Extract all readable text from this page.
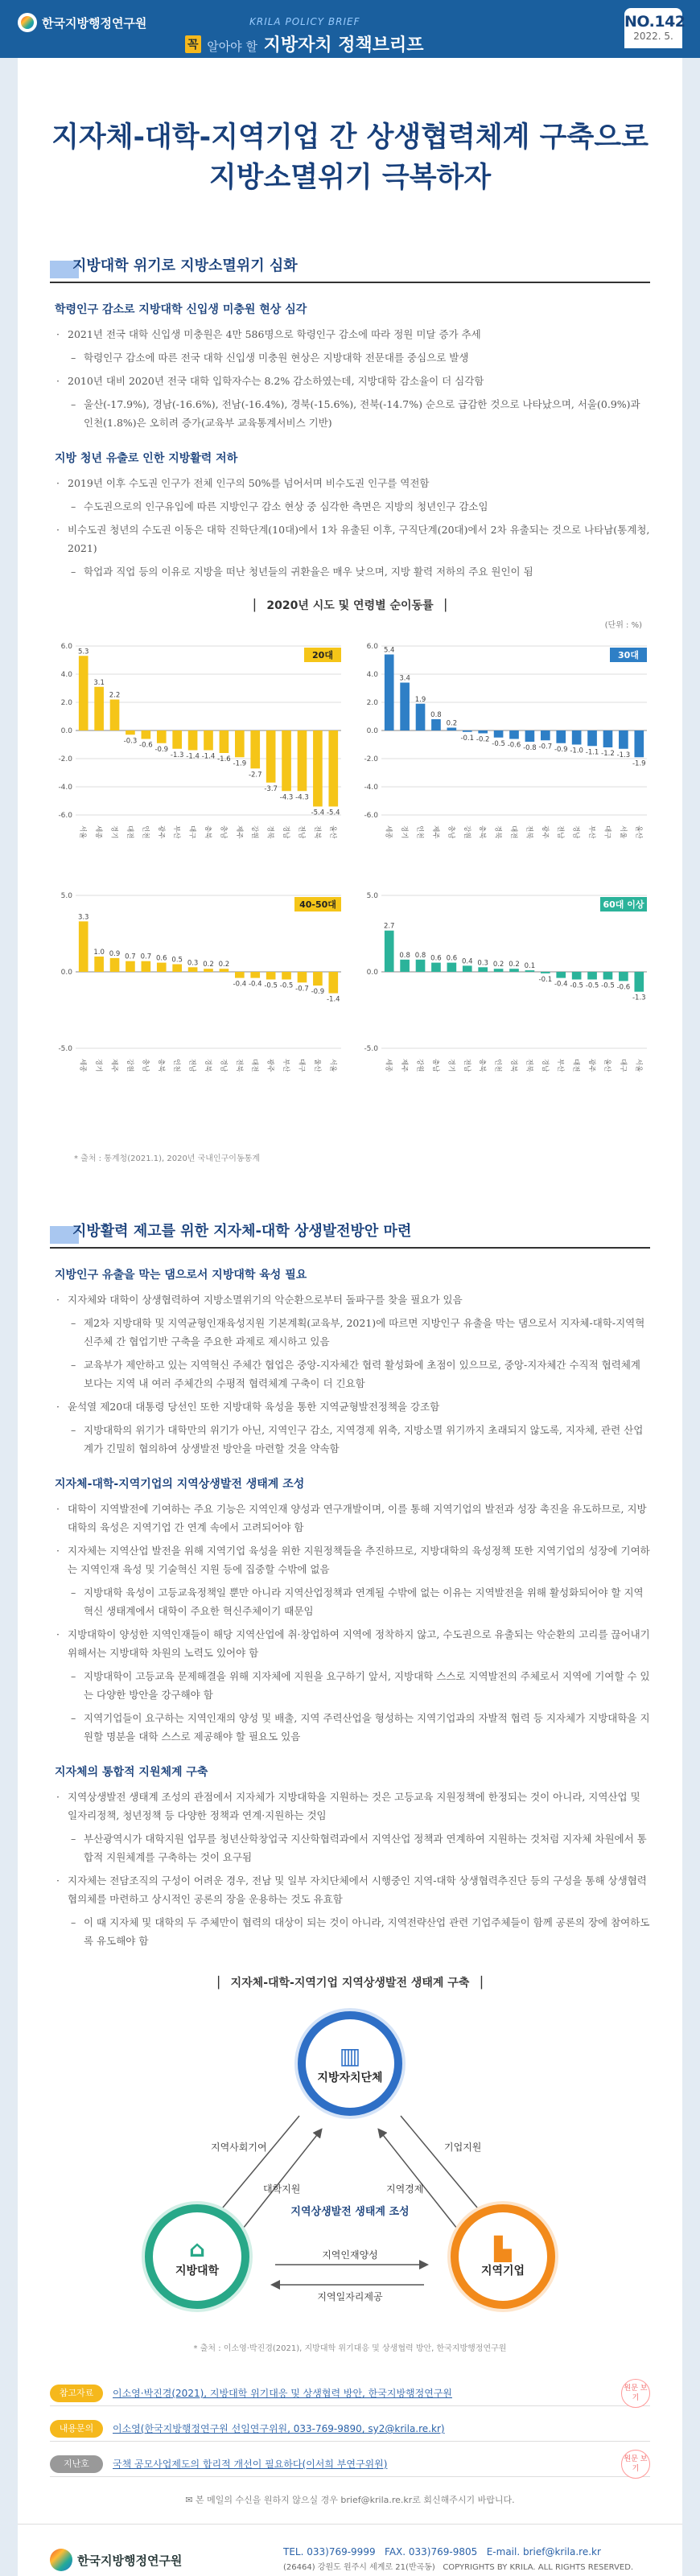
한국지방행정연구원	KRILA POLICY BRIEF
꼭 알아야 할 지방자치 정책브리프
NO.142
2022. 5.
지자체-대학-지역기업 간 상생협력체계 구축으로
지방소멸위기 극복하자
지방대학 위기로 지방소멸위기 심화
학령인구 감소로 지방대학 신입생 미충원 현상 심각
· 2021년 전국 대학 신입생 미충원은 4만 586명으로 학령인구 감소에 따라 정원 미달 증가 추세
– 학령인구 감소에 따른 전국 대학 신입생 미충원 현상은 지방대학 전문대를 중심으로 발생
· 2010년 대비 2020년 전국 대학 입학자수는 8.2% 감소하였는데, 지방대학 감소율이 더 심각함
– 울산(-17.9%), 경남(-16.6%), 전남(-16.4%), 경북(-15.6%), 전북(-14.7%) 순으로 급감한 것으로 나타났으며, 서울(0.9%)과 인천(1.8%)은 오히려 증가(교육부 교육통계서비스 기반)
지방 청년 유출로 인한 지방활력 저하
· 2019년 이후 수도권 인구가 전체 인구의 50%를 넘어서며 비수도권 인구를 역전함
– 수도권으로의 인구유입에 따른 지방인구 감소 현상 중 심각한 측면은 지방의 청년인구 감소임
· 비수도권 청년의 수도권 이동은 대학 진학단계(10대)에서 1차 유출된 이후, 구직단계(20대)에서 2차 유출되는 것으로 나타남(통계청, 2021)
– 학업과 직업 등의 이유로 지방을 떠난 청년들의 귀환율은 매우 낮으며, 지방 활력 저하의 주요 원인이 됨
▏ 2020년 시도 및 연령별 순이동률 ▕
(단위 : %)
6.0
4.0
2.0
0.0
-2.0
-4.0
-6.0
20대
5.3
서울
3.1
세종
2.2
경기
-0.3
대전
-0.6
인천
-0.9
광주
-1.3
부산
-1.4
대구
-1.4
충북
-1.6
충남
-1.9
제주
-2.7
강원
-3.7
경북
-4.3
경남
-4.3
전남
-5.4
전북
-5.4
울산
6.0
4.0
2.0
0.0
-2.0
-4.0
-6.0
30대
5.4
세종
3.4
경기
1.9
인천
0.8
제주
0.2
충남
-0.1
강원
-0.2
충북
-0.5
경북
-0.6
대전
-0.8
전북
-0.7
광주
-0.9
전남
-1.0
경남
-1.1
부산
-1.2
대구
-1.3
서울
-1.9
울산
5.0
0.0
-5.0
40-50대
3.3
세종
1.0
경기
0.9
제주
0.7
강원
0.7
충남
0.6
충북
0.5
인천
0.3
전남
0.2
경북
0.2
경남
-0.4
전북
-0.4
대전
-0.5
광주
-0.5
부산
-0.7
대구
-0.9
울산
-1.4
서울
5.0
0.0
-5.0
60대 이상
2.7
세종
0.8
제주
0.8
강원
0.6
충남
0.6
경기
0.4
전남
0.3
충북
0.2
인천
0.2
경북
0.1
전북
-0.1
경남
-0.4
부산
-0.5
대전
-0.5
광주
-0.5
울산
-0.6
대구
-1.3
서울
* 출처 : 통계청(2021.1), 2020년 국내인구이동통계
지방활력 제고를 위한 지자체-대학 상생발전방안 마련
지방인구 유출을 막는 댐으로서 지방대학 육성 필요
· 지자체와 대학이 상생협력하여 지방소멸위기의 악순환으로부터 돌파구를 찾을 필요가 있음
– 제2차 지방대학 및 지역균형인재육성지원 기본계획(교육부, 2021)에 따르면 지방인구 유출을 막는 댐으로서 지자체-대학-지역혁신주체 간 협업기반 구축을 주요한 과제로 제시하고 있음
– 교육부가 제안하고 있는 지역혁신 주체간 협업은 중앙-지자체간 협력 활성화에 초점이 있으므로, 중앙-지자체간 수직적 협력체계보다는 지역 내 여러 주체간의 수평적 협력체계 구축이 더 긴요함
· 윤석열 제20대 대통령 당선인 또한 지방대학 육성을 통한 지역균형발전정책을 강조함
– 지방대학의 위기가 대학만의 위기가 아닌, 지역인구 감소, 지역경제 위축, 지방소멸 위기까지 초래되지 않도록, 지자체, 관련 산업계가 긴밀히 협의하여 상생발전 방안을 마련할 것을 약속함
지자체-대학-지역기업의 지역상생발전 생태계 조성
· 대학이 지역발전에 기여하는 주요 기능은 지역인재 양성과 연구개발이며, 이를 통해 지역기업의 발전과 성장 촉진을 유도하므로, 지방대학의 육성은 지역기업 간 연계 속에서 고려되어야 함
· 지자체는 지역산업 발전을 위해 지역기업 육성을 위한 지원정책들을 추진하므로, 지방대학의 육성정책 또한 지역기업의 성장에 기여하는 지역인재 육성 및 기술혁신 지원 등에 집중할 수밖에 없음
– 지방대학 육성이 고등교육정책일 뿐만 아니라 지역산업정책과 연계될 수밖에 없는 이유는 지역발전을 위해 활성화되어야 할 지역혁신 생태계에서 대학이 주요한 혁신주체이기 때문임
· 지방대학이 양성한 지역인재들이 해당 지역산업에 취·창업하여 지역에 정착하지 않고, 수도권으로 유출되는 악순환의 고리를 끊어내기 위해서는 지방대학 차원의 노력도 있어야 함
– 지방대학이 고등교육 문제해결을 위해 지자체에 지원을 요구하기 앞서, 지방대학 스스로 지역발전의 주체로서 지역에 기여할 수 있는 다양한 방안을 강구해야 함
– 지역기업들이 요구하는 지역인재의 양성 및 배출, 지역 주력산업을 형성하는 지역기업과의 자발적 협력 등 지자체가 지방대학을 지원할 명분을 대학 스스로 제공해야 할 필요도 있음
지자체의 통합적 지원체계 구축
· 지역상생발전 생태계 조성의 관점에서 지자체가 지방대학을 지원하는 것은 고등교육 지원정책에 한정되는 것이 아니라, 지역산업 및 일자리정책, 청년정책 등 다양한 정책과 연계·지원하는 것임
– 부산광역시가 대학지원 업무를 청년산학창업국 지산학협력과에서 지역산업 정책과 연계하여 지원하는 것처럼 지자체 차원에서 통합적 지원체계를 구축하는 것이 요구됨
· 지자체는 전담조직의 구성이 어려운 경우, 전남 및 일부 자치단체에서 시행중인 지역-대학 상생협력추진단 등의 구성을 통해 상생협력협의체를 마련하고 상시적인 공론의 장을 운용하는 것도 유효함
– 이 때 지자체 및 대학의 두 주체만이 협력의 대상이 되는 것이 아니라, 지역전략산업 관련 기업주체들이 함께 공론의 장에 참여하도록 유도해야 함
▏ 지자체-대학-지역기업 지역상생발전 생태계 구축 ▕
▥
지방자치단체
⌂
지방대학
▙
지역기업
지역사회기여
대학지원
기업지원
지역경제
지역상생발전 생태계 조성
지역인재양성
지역일자리제공
* 출처 : 이소영·박진경(2021), 지방대학 위기대응 및 상생협력 방안, 한국지방행정연구원
참고자료	이소영·박진경(2021), 지방대학 위기대응 및 상생협력 방안, 한국지방행정연구원	원문 보기
내용문의	이소영(한국지방행정연구원 선임연구위원, 033-769-9890, sy2@krila.re.kr)
지난호	국책 공모사업제도의 합리적 개선이 필요하다(이서희 부연구위원)	원문 보기
✉ 본 메일의 수신을 원하지 않으실 경우 brief@krila.re.kr로 회신해주시기 바랍니다.
한국지방행정연구원
TEL. 033)769-9999 FAX. 033)769-9805 E-mail. brief@krila.re.kr
(26464) 강원도 원주시 세계로 21(반곡동) COPYRIGHTS BY KRILA. ALL RIGHTS RESERVED.
